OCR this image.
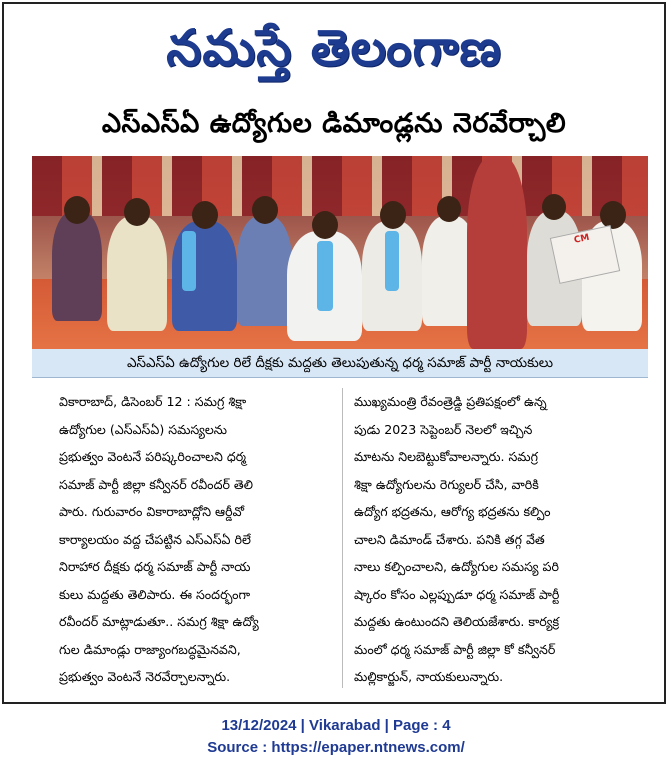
నమస్తే తెలంగాణ
ఎస్ఎస్ఏ ఉద్యోగుల డిమాండ్లను నెరవేర్చాలి
CM
ఎస్ఎస్ఏ ఉద్యోగుల రిలే దీక్షకు మద్దతు తెలుపుతున్న ధర్మ సమాజ్ పార్టీ నాయకులు
వికారాబాద్, డిసెంబర్ 12 : సమగ్ర శిక్షా
ఉద్యోగుల (ఎస్ఎస్ఏ) సమస్యలను
ప్రభుత్వం వెంటనే పరిష్కరించాలని ధర్మ
సమాజ్ పార్టీ జిల్లా కన్వీనర్ రవీందర్ తెలి
పారు. గురువారం వికారాబాద్లోని ఆర్డీవో
కార్యాలయం వద్ద చేపట్టిన ఎస్ఎస్ఏ రిలే
నిరాహార దీక్షకు ధర్మ సమాజ్ పార్టీ నాయ
కులు మద్దతు తెలిపారు. ఈ సందర్భంగా
రవీందర్ మాట్లాడుతూ.. సమగ్ర శిక్షా ఉద్యో
గుల డిమాండ్లు రాజ్యాంగబద్ధమైనవని,
ప్రభుత్వం వెంటనే నెరవేర్చాలన్నారు.
ముఖ్యమంత్రి రేవంత్రెడ్డి ప్రతిపక్షంలో ఉన్న
పుడు 2023 సెప్టెంబర్ నెలలో ఇచ్చిన
మాటను నిలబెట్టుకోవాలన్నారు. సమగ్ర
శిక్షా ఉద్యోగులను రెగ్యులర్ చేసి, వారికి
ఉద్యోగ భద్రతను, ఆరోగ్య భద్రతను కల్పిం
చాలని డిమాండ్ చేశారు. పనికి తగ్గ వేత
నాలు కల్పించాలని, ఉద్యోగుల సమస్య పరి
ష్కారం కోసం ఎల్లప్పుడూ ధర్మ సమాజ్ పార్టీ
మద్దతు ఉంటుందని తెలియజేశారు. కార్యక్ర
మంలో ధర్మ సమాజ్ పార్టీ జిల్లా కో కన్వీనర్
మల్లికార్జున్, నాయకులున్నారు.
13/12/2024 | Vikarabad | Page : 4
Source : https://epaper.ntnews.com/
